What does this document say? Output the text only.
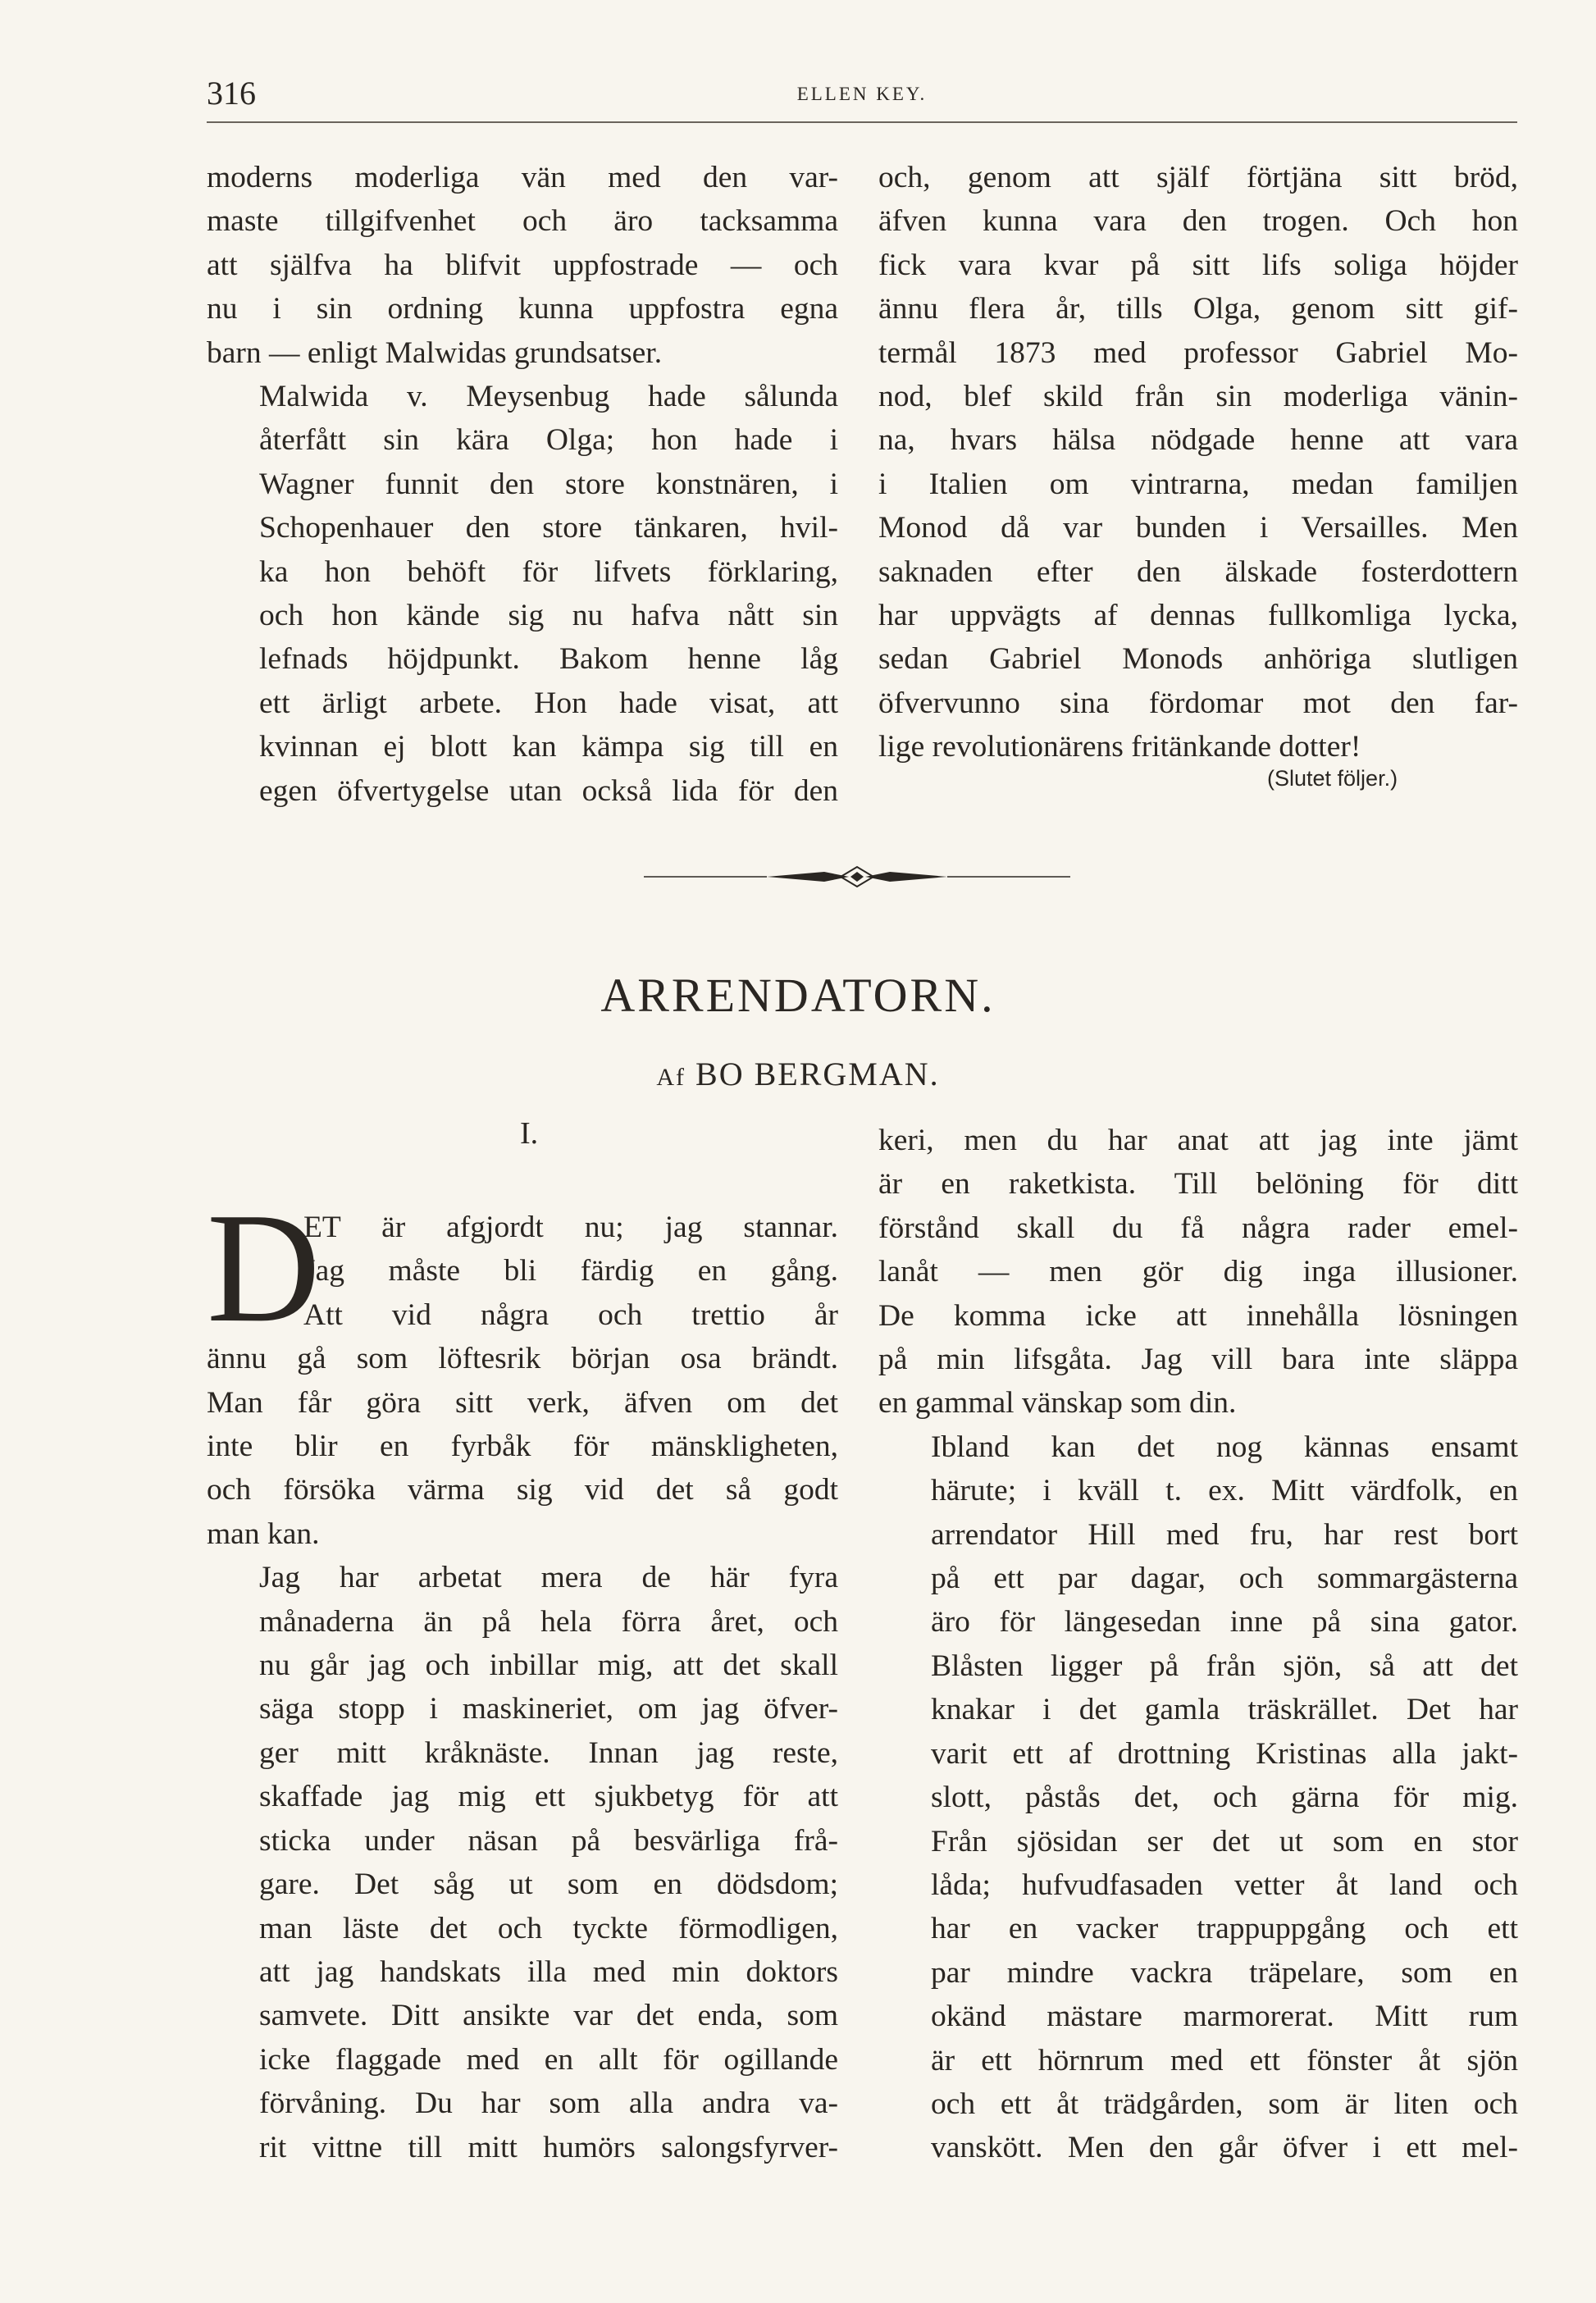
316	ELLEN KEY.

moderns moderliga vän med den var-
maste tillgifvenhet och äro tacksamma
att själfva ha blifvit uppfostrade — och
nu i sin ordning kunna uppfostra egna
barn — enligt Malwidas grundsatser.

Malwida v. Meysenbug hade sålunda
återfått sin kära Olga; hon hade i
Wagner funnit den store konstnären, i
Schopenhauer den store tänkaren, hvil-
ka hon behöft för lifvets förklaring,
och hon kände sig nu hafva nått sin
lefnads höjdpunkt. Bakom henne låg
ett ärligt arbete. Hon hade visat, att
kvinnan ej blott kan kämpa sig till en
egen öfvertygelse utan också lida för den

och, genom att själf förtjäna sitt bröd,
äfven kunna vara den trogen. Och hon
fick vara kvar på sitt lifs soliga höjder
ännu flera år, tills Olga, genom sitt gif-
termål 1873 med professor Gabriel Mo-
nod, blef skild från sin moderliga vänin-
na, hvars hälsa nödgade henne att vara
i Italien om vintrarna, medan familjen
Monod då var bunden i Versailles. Men
saknaden efter den älskade fosterdottern
har uppvägts af dennas fullkomliga lycka,
sedan Gabriel Monods anhöriga slutligen
öfvervunno sina fördomar mot den far-
lige revolutionärens fritänkande dotter!

(Slutet följer.)
ARRENDATORN.
Af BO BERGMAN.
I.
D

ET är afgjordt nu; jag stannar.
Jag måste bli färdig en gång.
Att vid några och trettio år
ännu gå som löftesrik början osa brändt.
Man får göra sitt verk, äfven om det
inte blir en fyrbåk för mänskligheten,
och försöka värma sig vid det så godt
man kan.

Jag har arbetat mera de här fyra
månaderna än på hela förra året, och
nu går jag och inbillar mig, att det skall
säga stopp i maskineriet, om jag öfver-
ger mitt kråknäste. Innan jag reste,
skaffade jag mig ett sjukbetyg för att
sticka under näsan på besvärliga frå-
gare. Det såg ut som en dödsdom;
man läste det och tyckte förmodligen,
att jag handskats illa med min doktors
samvete. Ditt ansikte var det enda, som
icke flaggade med en allt för ogillande
förvåning. Du har som alla andra va-
rit vittne till mitt humörs salongsfyrver-

keri, men du har anat att jag inte jämt
är en raketkista. Till belöning för ditt
förstånd skall du få några rader emel-
lanåt — men gör dig inga illusioner.
De komma icke att innehålla lösningen
på min lifsgåta. Jag vill bara inte släppa
en gammal vänskap som din.

Ibland kan det nog kännas ensamt
härute; i kväll t. ex. Mitt värdfolk, en
arrendator Hill med fru, har rest bort
på ett par dagar, och sommargästerna
äro för längesedan inne på sina gator.
Blåsten ligger på från sjön, så att det
knakar i det gamla träskrället. Det har
varit ett af drottning Kristinas alla jakt-
slott, påstås det, och gärna för mig.
Från sjösidan ser det ut som en stor
låda; hufvudfasaden vetter åt land och
har en vacker trappuppgång och ett
par mindre vackra träpelare, som en
okänd mästare marmorerat. Mitt rum
är ett hörnrum med ett fönster åt sjön
och ett åt trädgården, som är liten och
vanskött. Men den går öfver i ett mel-
